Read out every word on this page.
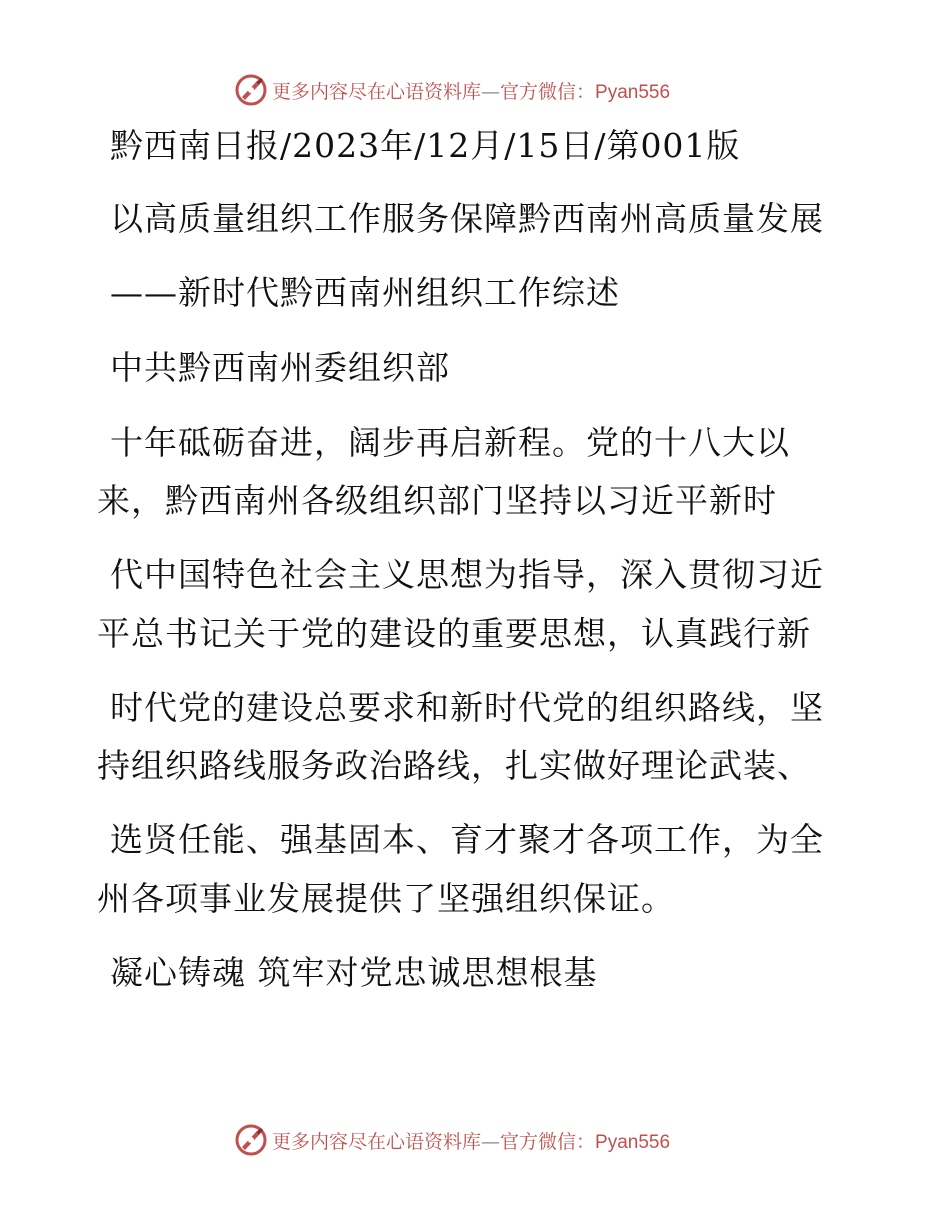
更多内容尽在心语资料库—官方微信：Pyan556
黔西南日报/2023年/12月/15日/第001版
以高质量组织工作服务保障黔西南州高质量发展
——新时代黔西南州组织工作综述
中共黔西南州委组织部
十年砥砺奋进，阔步再启新程。党的十八大以
来，黔西南州各级组织部门坚持以习近平新时
代中国特色社会主义思想为指导，深入贯彻习近
平总书记关于党的建设的重要思想，认真践行新
时代党的建设总要求和新时代党的组织路线，坚
持组织路线服务政治路线，扎实做好理论武装、
选贤任能、强基固本、育才聚才各项工作，为全
州各项事业发展提供了坚强组织保证。
凝心铸魂 筑牢对党忠诚思想根基
更多内容尽在心语资料库—官方微信：Pyan556
